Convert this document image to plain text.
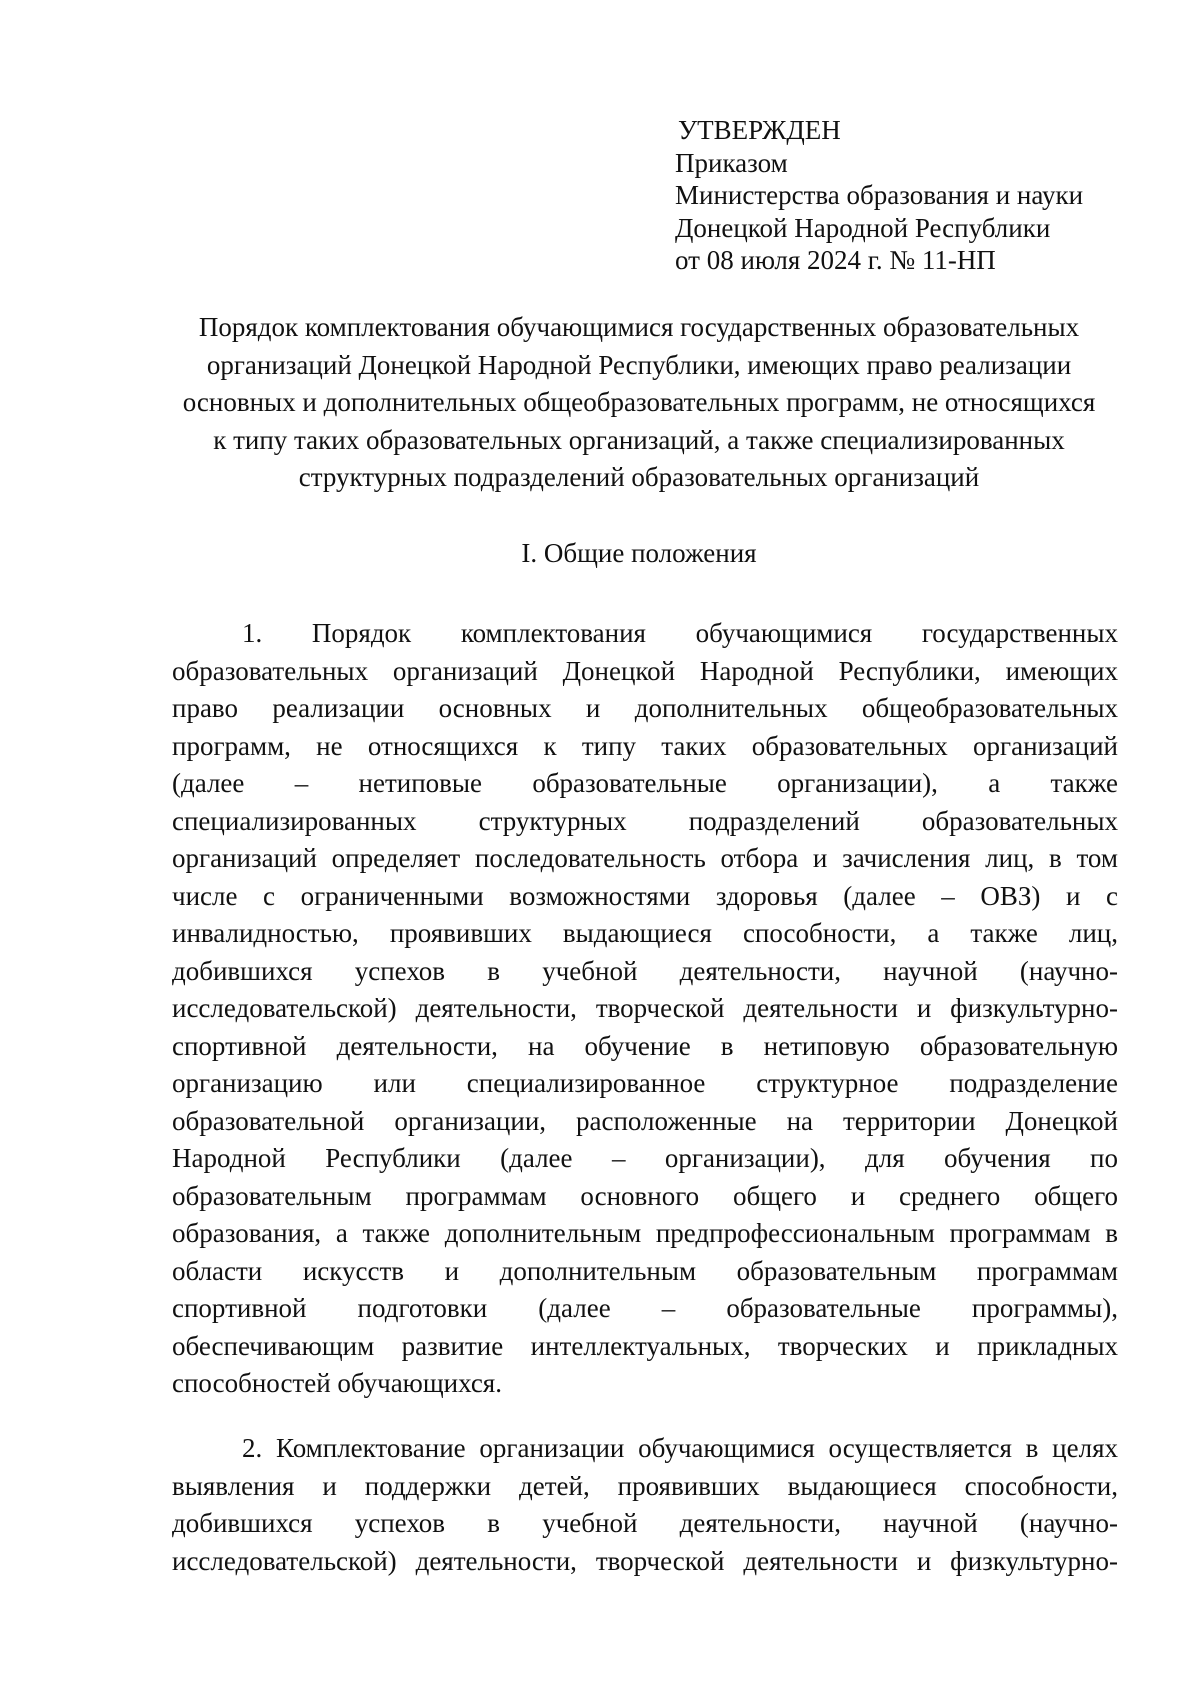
УТВЕРЖДЕН
Приказом
Министерства образования и науки
Донецкой Народной Республики
от 08 июля 2024 г. № 11-НП
Порядок комплектования обучающимися государственных образовательных
организаций Донецкой Народной Республики, имеющих право реализации
основных и дополнительных общеобразовательных программ, не относящихся
к типу таких образовательных организаций, а также специализированных
структурных подразделений образовательных организаций
I. Общие положения
1. Порядок комплектования обучающимися государственных
образовательных организаций Донецкой Народной Республики, имеющих
право реализации основных и дополнительных общеобразовательных
программ, не относящихся к типу таких образовательных организаций
(далее – нетиповые образовательные организации), а также
специализированных структурных подразделений образовательных
организаций определяет последовательность отбора и зачисления лиц, в том
числе с ограниченными возможностями здоровья (далее – ОВЗ) и с
инвалидностью, проявивших выдающиеся способности, а также лиц,
добившихся успехов в учебной деятельности, научной (научно-
исследовательской) деятельности, творческой деятельности и физкультурно-
спортивной деятельности, на обучение в нетиповую образовательную
организацию или специализированное структурное подразделение
образовательной организации, расположенные на территории Донецкой
Народной Республики (далее – организации), для обучения по
образовательным программам основного общего и среднего общего
образования, а также дополнительным предпрофессиональным программам в
области искусств и дополнительным образовательным программам
спортивной подготовки (далее – образовательные программы),
обеспечивающим развитие интеллектуальных, творческих и прикладных
способностей обучающихся.
2. Комплектование организации обучающимися осуществляется в целях
выявления и поддержки детей, проявивших выдающиеся способности,
добившихся успехов в учебной деятельности, научной (научно-
исследовательской) деятельности, творческой деятельности и физкультурно-
